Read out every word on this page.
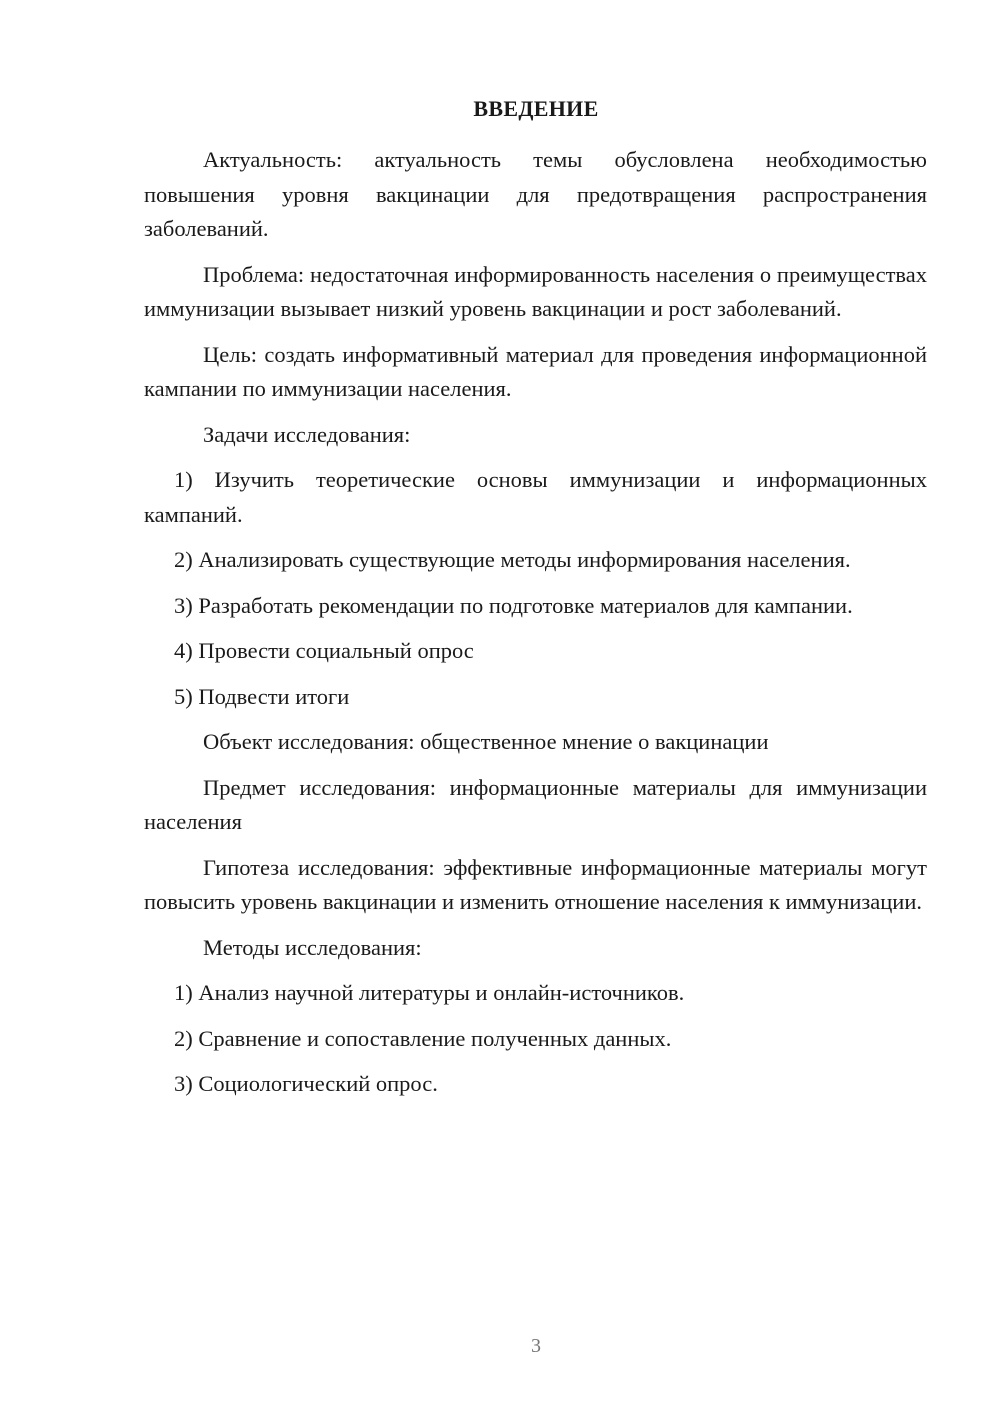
ВВЕДЕНИЕ

Актуальность: актуальность темы обусловлена необходимостью повышения уровня вакцинации для предотвращения распространения заболеваний.

Проблема: недостаточная информированность населения о преимуществах иммунизации вызывает низкий уровень вакцинации и рост заболеваний.

Цель: создать информативный материал для проведения информационной кампании по иммунизации населения.

Задачи исследования:

1) Изучить теоретические основы иммунизации и информационных кампаний.

2) Анализировать существующие методы информирования населения.

3) Разработать рекомендации по подготовке материалов для кампании.

4) Провести социальный опрос

5) Подвести итоги

Объект исследования: общественное мнение о вакцинации

Предмет исследования: информационные материалы для иммунизации населения

Гипотеза исследования: эффективные информационные материалы могут повысить уровень вакцинации и изменить отношение населения к иммунизации.

Методы исследования:

1) Анализ научной литературы и онлайн-источников.

2) Сравнение и сопоставление полученных данных.

3) Социологический опрос.

3
